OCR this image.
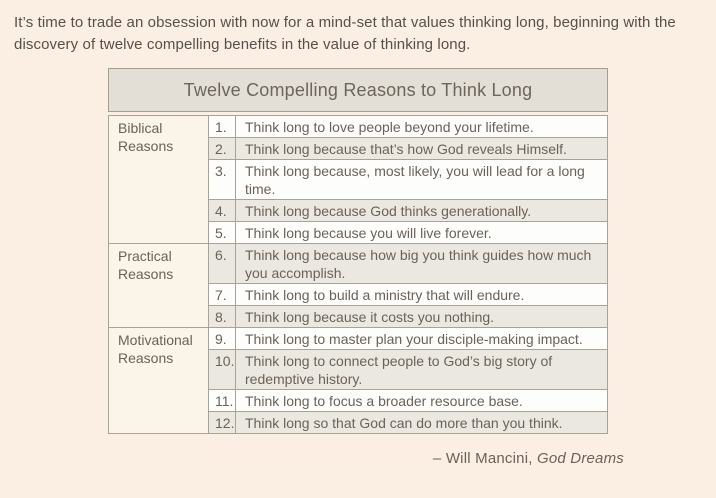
It’s time to trade an obsession with now for a mind-set that values thinking long, beginning with the discovery of twelve compelling benefits in the value of thinking long.

Twelve Compelling Reasons to Think Long
Biblical Reasons	1.	Think long to love people beyond your lifetime.
	2.	Think long because that’s how God reveals Himself.
	3.	Think long because, most likely, you will lead for a long time.
	4.	Think long because God thinks generationally.
	5.	Think long because you will live forever.
Practical Reasons	6.	Think long because how big you think guides how much you accomplish.
	7.	Think long to build a ministry that will endure.
	8.	Think long because it costs you nothing.
Motivational Reasons	9.	Think long to master plan your disciple-making impact.
	10.	Think long to connect people to God’s big story of redemptive history.
	11.	Think long to focus a broader resource base.
	12.	Think long so that God can do more than you think.
– Will Mancini, God Dreams
